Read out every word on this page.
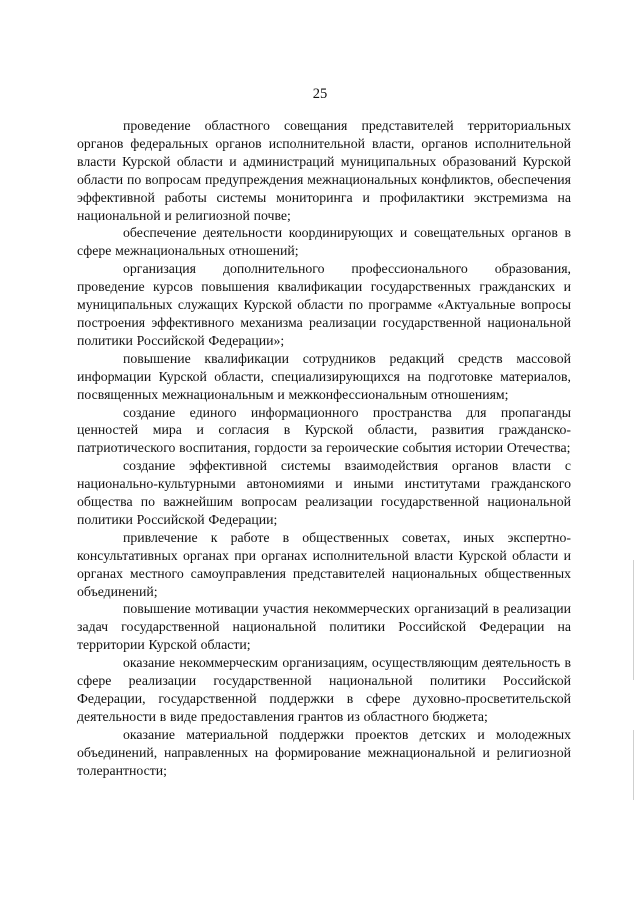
25

проведение областного совещания представителей территориальных органов федеральных органов исполнительной власти, органов исполнительной власти Курской области и администраций муниципальных образований Курской области по вопросам предупреждения межнациональных конфликтов, обеспечения эффективной работы системы мониторинга и профилактики экстремизма на национальной и религиозной почве;

обеспечение деятельности координирующих и совещательных органов в сфере межнациональных отношений;

организация дополнительного профессионального образования, проведение курсов повышения квалификации государственных гражданских и муниципальных служащих Курской области по программе «Актуальные вопросы построения эффективного механизма реализации государственной национальной политики Российской Федерации»;

повышение квалификации сотрудников редакций средств массовой информации Курской области, специализирующихся на подготовке материалов, посвященных межнациональным и межконфессиональным отношениям;

создание единого информационного пространства для пропаганды ценностей мира и согласия в Курской области, развития гражданско-патриотического воспитания, гордости за героические события истории Отечества;

создание эффективной системы взаимодействия органов власти с национально-культурными автономиями и иными институтами гражданского общества по важнейшим вопросам реализации государственной национальной политики Российской Федерации;

привлечение к работе в общественных советах, иных экспертно-консультативных органах при органах исполнительной власти Курской области и органах местного самоуправления представителей национальных общественных объединений;

повышение мотивации участия некоммерческих организаций в реализации задач государственной национальной политики Российской Федерации на территории Курской области;

оказание некоммерческим организациям, осуществляющим деятельность в сфере реализации государственной национальной политики Российской Федерации, государственной поддержки в сфере духовно-просветительской деятельности в виде предоставления грантов из областного бюджета;

оказание материальной поддержки проектов детских и молодежных объединений, направленных на формирование межнациональной и религиозной толерантности;
